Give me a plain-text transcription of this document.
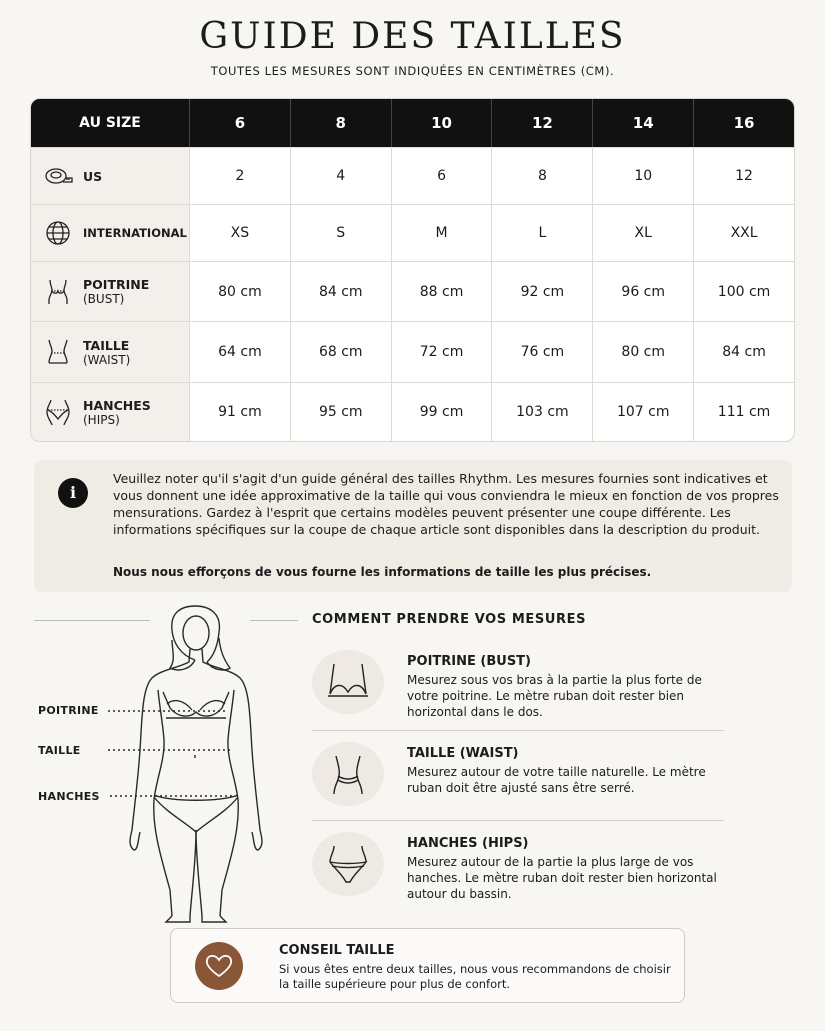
GUIDE DES TAILLES
TOUTES LES MESURES SONT INDIQUÉES EN CENTIMÈTRES (CM).
AU SIZE	6	8	10	12	14	16
US	2	4	6	8	10	12
INTERNATIONAL	XS	S	M	L	XL	XXL
POITRINE
(BUST)	80 cm	84 cm	88 cm	92 cm	96 cm	100 cm
TAILLE
(WAIST)	64 cm	68 cm	72 cm	76 cm	80 cm	84 cm
HANCHES
(HIPS)	91 cm	95 cm	99 cm	103 cm	107 cm	111 cm
i

Veuillez noter qu'il s'agit d'un guide général des tailles Rhythm. Les mesures fournies sont indicatives et vous donnent une idée approximative de la taille qui vous conviendra le mieux en fonction de vos propres mensurations. Gardez à l'esprit que certains modèles peuvent présenter une coupe différente. Les informations spécifiques sur la coupe de chaque article sont disponibles dans la description du produit.

Nous nous efforçons de vous fourne les informations de taille les plus précises.

POITRINE
TAILLE
HANCHES
COMMENT PRENDRE VOS MESURES
POITRINE (BUST)

Mesurez sous vos bras à la partie la plus forte de votre poitrine. Le mètre ruban doit rester bien horizontal dans le dos.

TAILLE (WAIST)

Mesurez autour de votre taille naturelle. Le mètre ruban doit être ajusté sans être serré.

HANCHES (HIPS)

Mesurez autour de la partie la plus large de vos hanches. Le mètre ruban doit rester bien horizontal autour du bassin.

CONSEIL TAILLE

Si vous êtes entre deux tailles, nous vous recommandons de choisir la taille supérieure pour plus de confort.
